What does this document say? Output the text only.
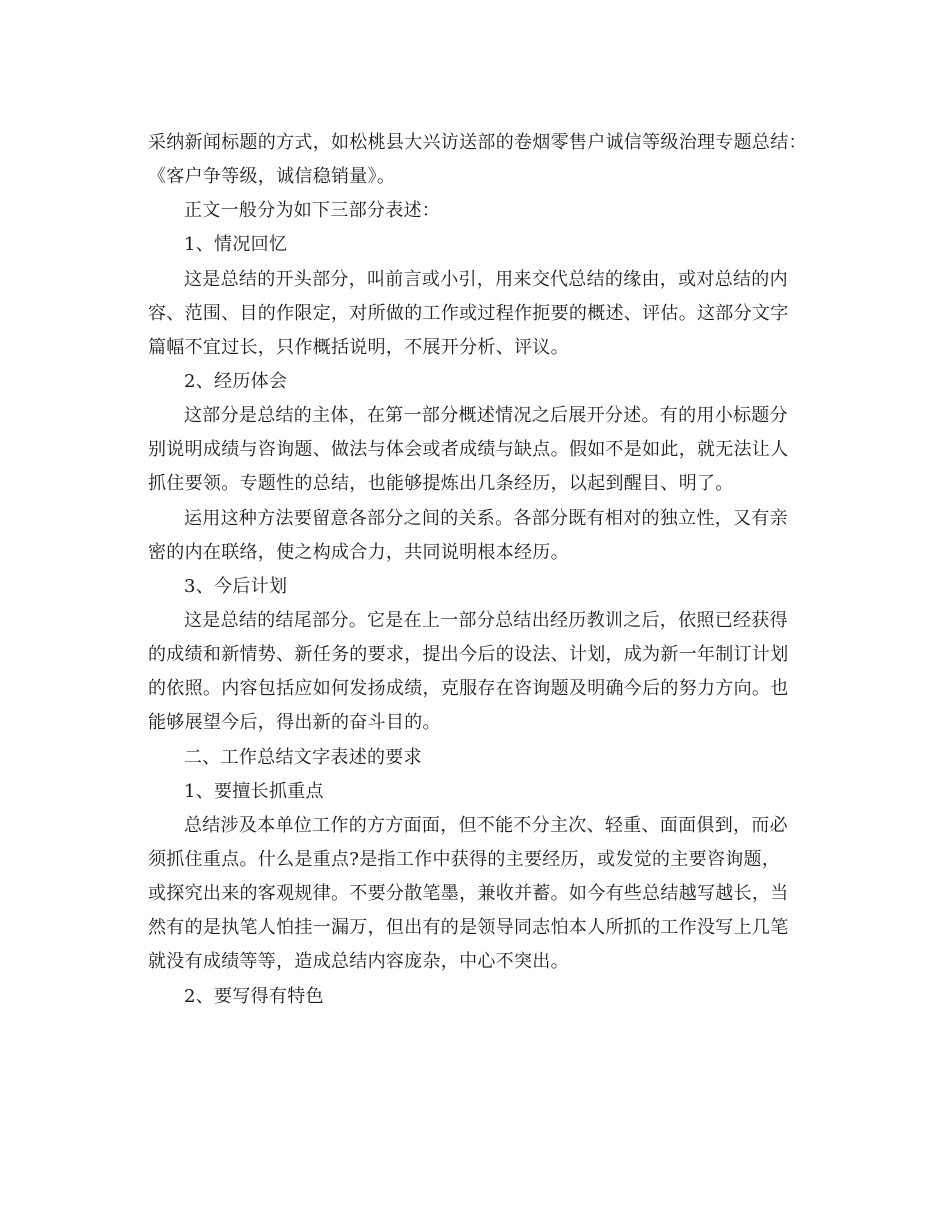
采纳新闻标题的方式，如松桃县大兴访送部的卷烟零售户诚信等级治理专题总结：
《客户争等级，诚信稳销量》。
正文一般分为如下三部分表述：
1、情况回忆
这是总结的开头部分，叫前言或小引，用来交代总结的缘由，或对总结的内
容、范围、目的作限定，对所做的工作或过程作扼要的概述、评估。这部分文字
篇幅不宜过长，只作概括说明，不展开分析、评议。
2、经历体会
这部分是总结的主体，在第一部分概述情况之后展开分述。有的用小标题分
别说明成绩与咨询题、做法与体会或者成绩与缺点。假如不是如此，就无法让人
抓住要领。专题性的总结，也能够提炼出几条经历，以起到醒目、明了。
运用这种方法要留意各部分之间的关系。各部分既有相对的独立性，又有亲
密的内在联络，使之构成合力，共同说明根本经历。
3、今后计划
这是总结的结尾部分。它是在上一部分总结出经历教训之后，依照已经获得
的成绩和新情势、新任务的要求，提出今后的设法、计划，成为新一年制订计划
的依照。内容包括应如何发扬成绩，克服存在咨询题及明确今后的努力方向。也
能够展望今后，得出新的奋斗目的。
二、工作总结文字表述的要求
1、要擅长抓重点
总结涉及本单位工作的方方面面，但不能不分主次、轻重、面面俱到，而必
须抓住重点。什么是重点?是指工作中获得的主要经历，或发觉的主要咨询题，
或探究出来的客观规律。不要分散笔墨，兼收并蓄。如今有些总结越写越长，当
然有的是执笔人怕挂一漏万，但出有的是领导同志怕本人所抓的工作没写上几笔
就没有成绩等等，造成总结内容庞杂，中心不突出。
2、要写得有特色
